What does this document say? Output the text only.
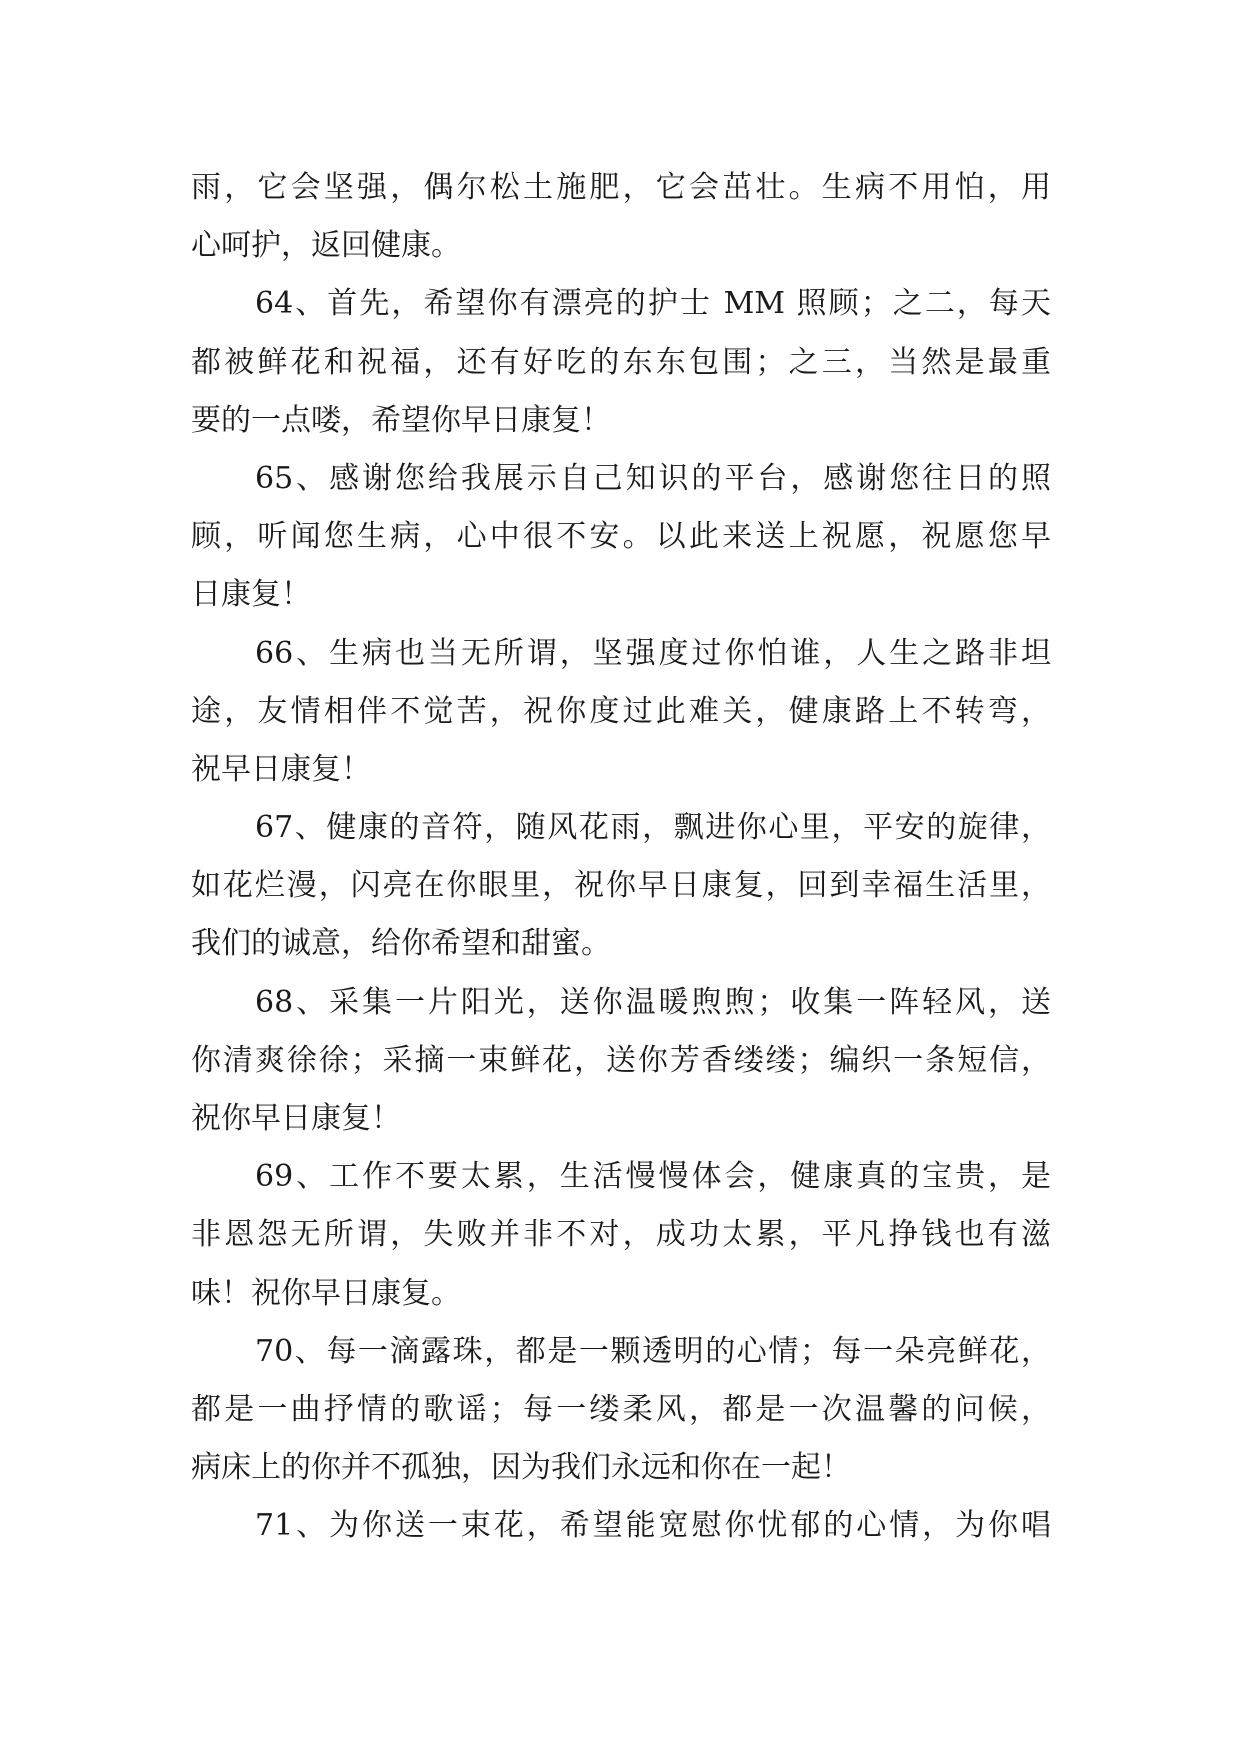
雨，它会坚强，偶尔松土施肥，它会茁壮。生病不用怕，用
心呵护，返回健康。
64、首先，希望你有漂亮的护士 MM 照顾；之二，每天
都被鲜花和祝福，还有好吃的东东包围；之三，当然是最重
要的一点喽，希望你早日康复！
65、感谢您给我展示自己知识的平台，感谢您往日的照
顾，听闻您生病，心中很不安。以此来送上祝愿，祝愿您早
日康复！
66、生病也当无所谓，坚强度过你怕谁，人生之路非坦
途，友情相伴不觉苦，祝你度过此难关，健康路上不转弯，
祝早日康复！
67、健康的音符，随风花雨，飘进你心里，平安的旋律，
如花烂漫，闪亮在你眼里，祝你早日康复，回到幸福生活里，
我们的诚意，给你希望和甜蜜。
68、采集一片阳光，送你温暖煦煦；收集一阵轻风，送
你清爽徐徐；采摘一束鲜花，送你芳香缕缕；编织一条短信，
祝你早日康复！
69、工作不要太累，生活慢慢体会，健康真的宝贵，是
非恩怨无所谓，失败并非不对，成功太累，平凡挣钱也有滋
味！祝你早日康复。
70、每一滴露珠，都是一颗透明的心情；每一朵亮鲜花，
都是一曲抒情的歌谣；每一缕柔风，都是一次温馨的问候，
病床上的你并不孤独，因为我们永远和你在一起！
71、为你送一束花，希望能宽慰你忧郁的心情，为你唱
